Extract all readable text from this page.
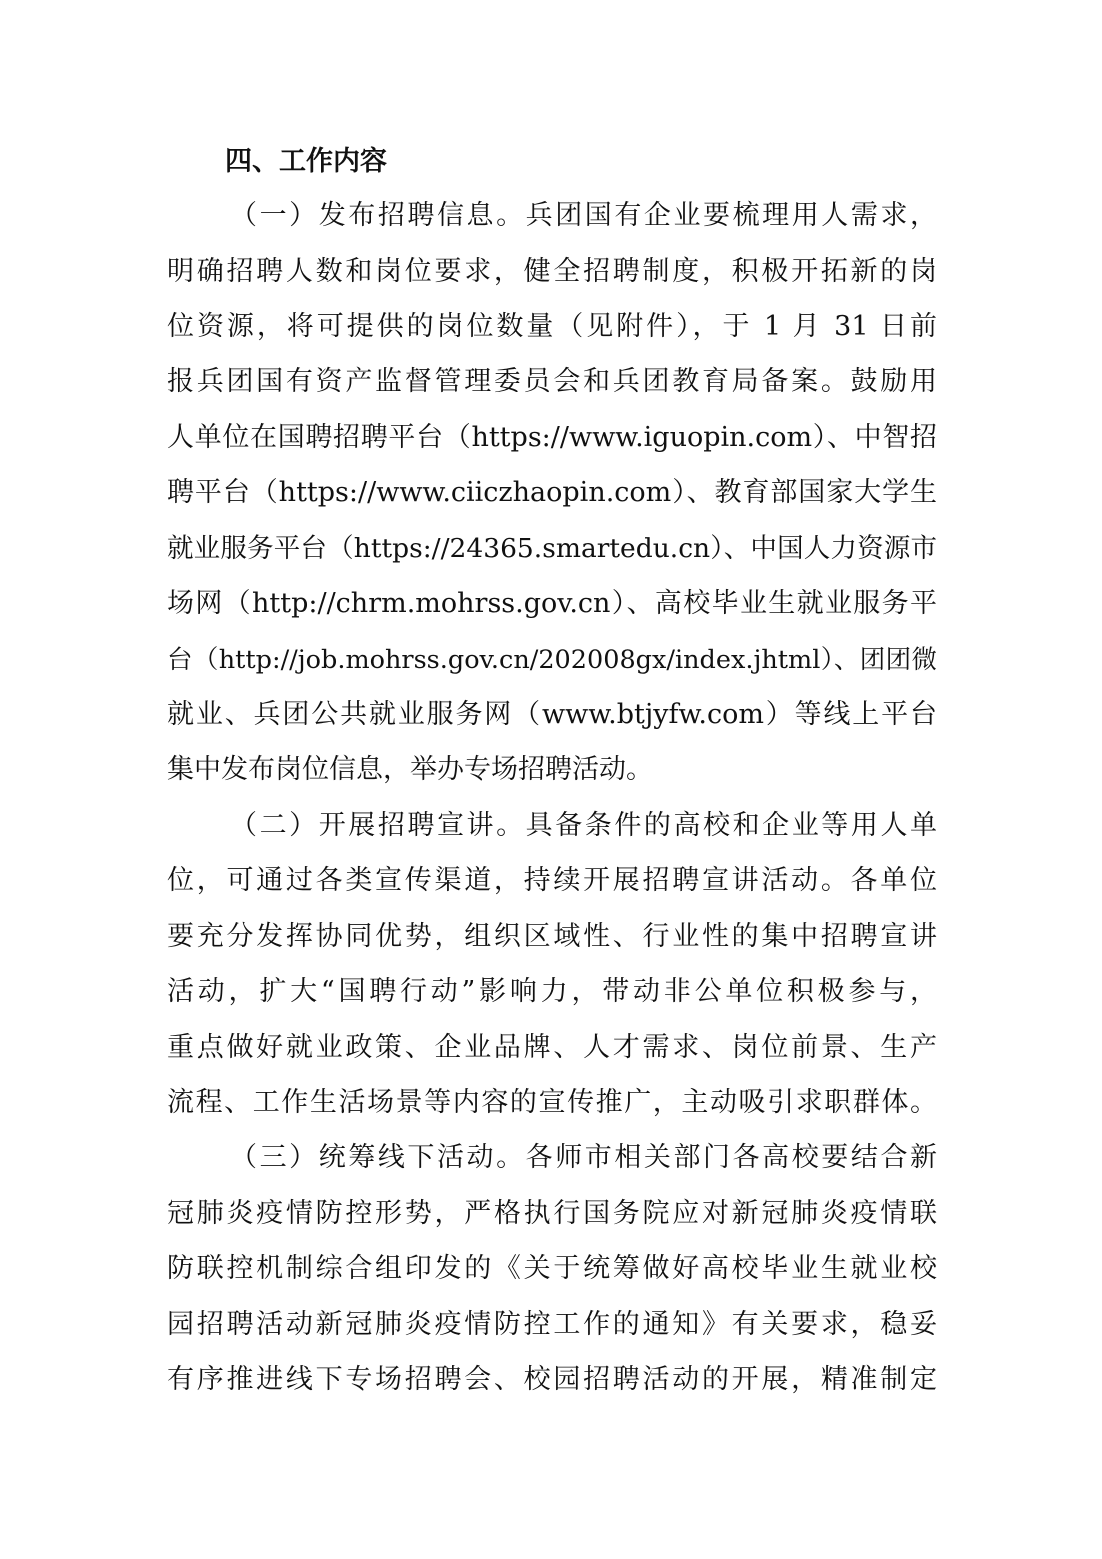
四、工作内容
（一）发布招聘信息。兵团国有企业要梳理用人需求，
明确招聘人数和岗位要求，健全招聘制度，积极开拓新的岗
位资源，将可提供的岗位数量（见附件），于 1 月 31 日前
报兵团国有资产监督管理委员会和兵团教育局备案。鼓励用
人单位在国聘招聘平台（https://www.iguopin.com）、中智招
聘平台（https://www.ciiczhaopin.com）、教育部国家大学生
就业服务平台（https://24365.smartedu.cn）、中国人力资源市
场网（http://chrm.mohrss.gov.cn）、高校毕业生就业服务平
台（http://job.mohrss.gov.cn/202008gx/index.jhtml）、团团微
就业、兵团公共就业服务网（www.btjyfw.com）等线上平台
集中发布岗位信息，举办专场招聘活动。
（二）开展招聘宣讲。具备条件的高校和企业等用人单
位，可通过各类宣传渠道，持续开展招聘宣讲活动。各单位
要充分发挥协同优势，组织区域性、行业性的集中招聘宣讲
活动，扩大“国聘行动”影响力，带动非公单位积极参与，
重点做好就业政策、企业品牌、人才需求、岗位前景、生产
流程、工作生活场景等内容的宣传推广，主动吸引求职群体。
（三）统筹线下活动。各师市相关部门各高校要结合新
冠肺炎疫情防控形势，严格执行国务院应对新冠肺炎疫情联
防联控机制综合组印发的《关于统筹做好高校毕业生就业校
园招聘活动新冠肺炎疫情防控工作的通知》有关要求，稳妥
有序推进线下专场招聘会、校园招聘活动的开展，精准制定
